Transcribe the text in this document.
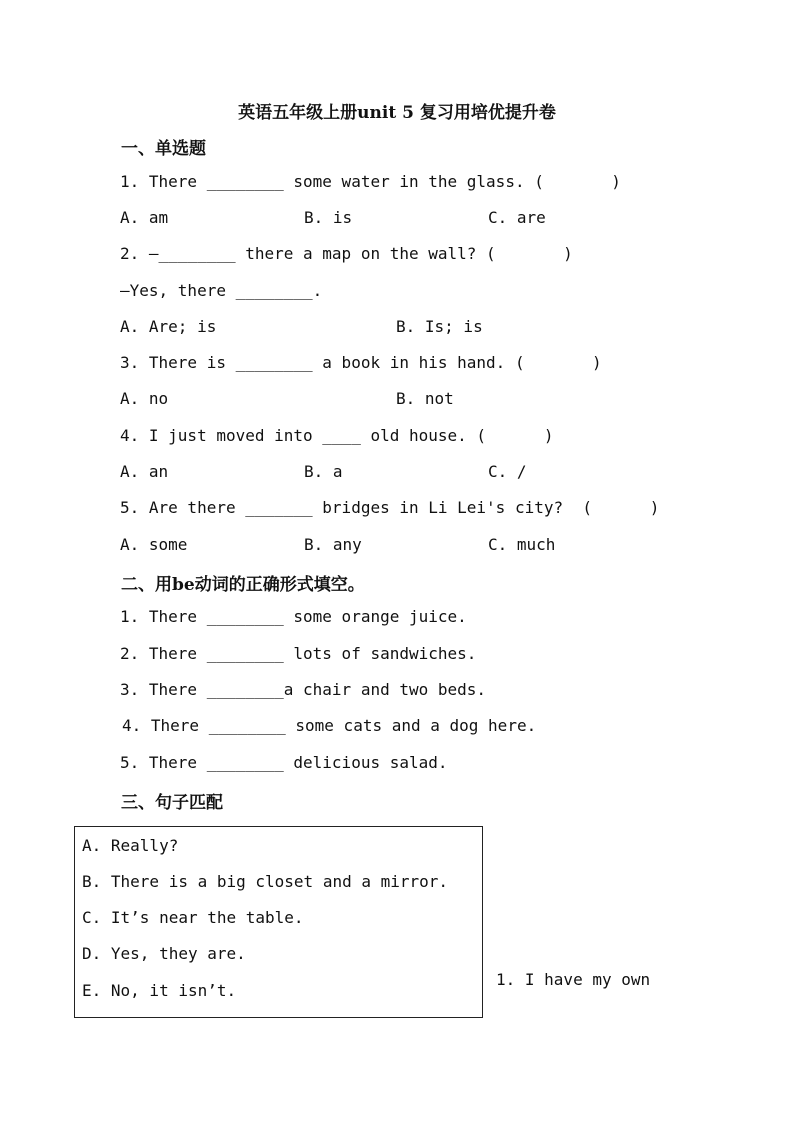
英语五年级上册unit 5 复习用培优提升卷
一、单选题
1. There ________ some water in the glass. (       )
A. am	B. is	C. are
2. —________ there a map on the wall? (       )
—Yes, there ________.
A. Are; is	B. Is; is
3. There is ________ a book in his hand. (       )
A. no	B. not
4. I just moved into ____ old house. (      )
A. an	B. a	C. /
5. Are there _______ bridges in Li Lei's city?  (      )
A. some	B. any	C. much
二、用be动词的正确形式填空。
1. There ________ some orange juice.
2. There ________ lots of sandwiches.
3. There ________a chair and two beds.
4. There ________ some cats and a dog here.
5. There ________ delicious salad.
三、句子匹配
A. Really?
B. There is a big closet and a mirror.
C. It’s near the table.
D. Yes, they are.
E. No, it isn’t.
1. I have my own
